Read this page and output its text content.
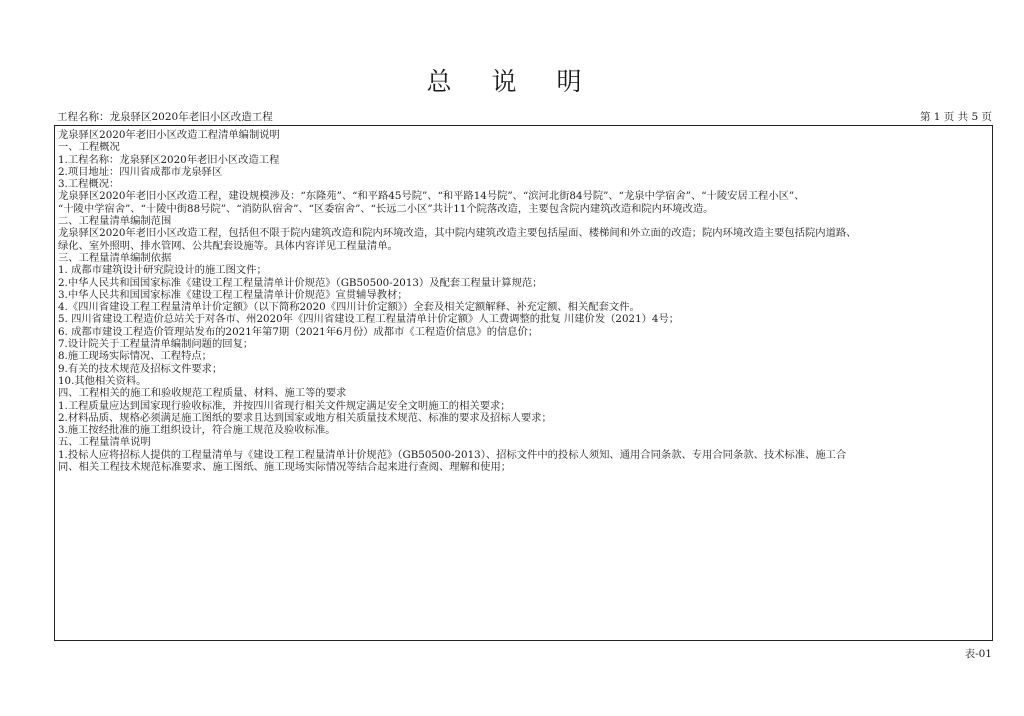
总 说 明
工程名称：龙泉驿区2020年老旧小区改造工程	第 1 页 共 5 页
龙泉驿区2020年老旧小区改造工程清单编制说明
一、工程概况
1.工程名称：龙泉驿区2020年老旧小区改造工程
2.项目地址：四川省成都市龙泉驿区
3.工程概况：
龙泉驿区2020年老旧小区改造工程，建设规模涉及：“东隆苑”、“和平路45号院”、“和平路14号院”、“滨河北街84号院”、“龙泉中学宿舍”、“十陵安居工程小区”、
“十陵中学宿舍”、“十陵中街88号院”、“消防队宿舍”、“区委宿舍”、“长远二小区”共计11个院落改造，主要包含院内建筑改造和院内环境改造。
二、工程量清单编制范围
龙泉驿区2020年老旧小区改造工程，包括但不限于院内建筑改造和院内环境改造，其中院内建筑改造主要包括屋面、楼梯间和外立面的改造；院内环境改造主要包括院内道路、
绿化、室外照明、排水管网、公共配套设施等。具体内容详见工程量清单。
三、工程量清单编制依据
1. 成都市建筑设计研究院设计的施工图文件；
2.中华人民共和国国家标准《建设工程工程量清单计价规范》（GB50500-2013）及配套工程量计算规范；
3.中华人民共和国国家标准《建设工程工程量清单计价规范》宣贯辅导教材；
4.《四川省建设工程工程量清单计价定额》（以下简称2020《四川计价定额》）全套及相关定额解释、补充定额、相关配套文件。
5. 四川省建设工程造价总站关于对各市、州2020年《四川省建设工程工程量清单计价定额》人工费调整的批复 川建价发（2021）4号；
6. 成都市建设工程造价管理站发布的2021年第7期（2021年6月份）成都市《工程造价信息》的信息价；
7.设计院关于工程量清单编制问题的回复；
8.施工现场实际情况、工程特点；
9.有关的技术规范及招标文件要求；
10.其他相关资料。
四、工程相关的施工和验收规范工程质量、材料、施工等的要求
1.工程质量应达到国家现行验收标准，并按四川省现行相关文件规定满足安全文明施工的相关要求；
2.材料品质、规格必须满足施工图纸的要求且达到国家或地方相关质量技术规范、标准的要求及招标人要求；
3.施工按经批准的施工组织设计，符合施工规范及验收标准。
五、工程量清单说明
1.投标人应将招标人提供的工程量清单与《建设工程工程量清单计价规范》（GB50500-2013）、招标文件中的投标人须知、通用合同条款、专用合同条款、技术标准、施工合
同、相关工程技术规范标准要求、施工图纸、施工现场实际情况等结合起来进行查阅、理解和使用；
表-01
